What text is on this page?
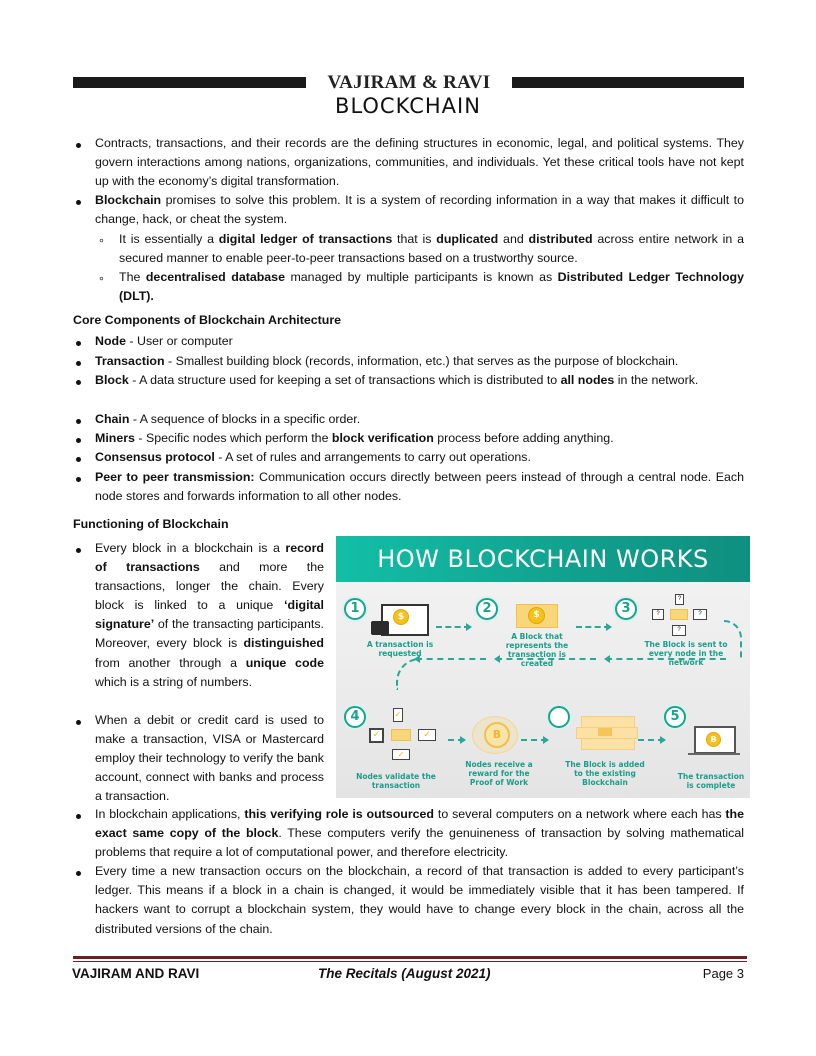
VAJIRAM & RAVI
BLOCKCHAIN
Contracts, transactions, and their records are the defining structures in economic, legal, and political systems. They govern interactions among nations, organizations, communities, and individuals. Yet these critical tools have not kept up with the economy’s digital transformation.
Blockchain promises to solve this problem. It is a system of recording information in a way that makes it difficult to change, hack, or cheat the system.
∘ It is essentially a digital ledger of transactions that is duplicated and distributed across entire network in a secured manner to enable peer-to-peer transactions based on a trustworthy source.
∘ The decentralised database managed by multiple participants is known as Distributed Ledger Technology (DLT).
Core Components of Blockchain Architecture
Node - User or computer
Transaction - Smallest building block (records, information, etc.) that serves as the purpose of blockchain.
Block - A data structure used for keeping a set of transactions which is distributed to all nodes in the network.
Chain - A sequence of blocks in a specific order.
Miners - Specific nodes which perform the block verification process before adding anything.
Consensus protocol - A set of rules and arrangements to carry out operations.
Peer to peer transmission: Communication occurs directly between peers instead of through a central node. Each node stores and forwards information to all other nodes.
Functioning of Blockchain
Every block in a blockchain is a record of transactions and more the transactions, longer the chain. Every block is linked to a unique ‘digital signature’ of the transacting participants. Moreover, every block is distinguished from another through a unique code which is a string of numbers.
When a debit or credit card is used to make a transaction, VISA or Mastercard employ their technology to verify the bank account, connect with banks and process a transaction.
HOW BLOCKCHAIN WORKS
1
$
A transaction is requested
2	$
A Block that represents the transaction is created
3
?
?	?
?
The Block is sent to every node in the network
4	✓
✓	✓
✓
Nodes validate the transaction
B
Nodes receive a reward for the Proof of Work
The Block is added to the existing Blockchain
5
B
The transaction is complete
In blockchain applications, this verifying role is outsourced to several computers on a network where each has the exact same copy of the block. These computers verify the genuineness of transaction by solving mathematical problems that require a lot of computational power, and therefore electricity.
Every time a new transaction occurs on the blockchain, a record of that transaction is added to every participant’s ledger. This means if a block in a chain is changed, it would be immediately visible that it has been tampered. If hackers want to corrupt a blockchain system, they would have to change every block in the chain, across all the distributed versions of the chain.
VAJIRAM AND RAVI	The Recitals (August 2021)	Page 3
